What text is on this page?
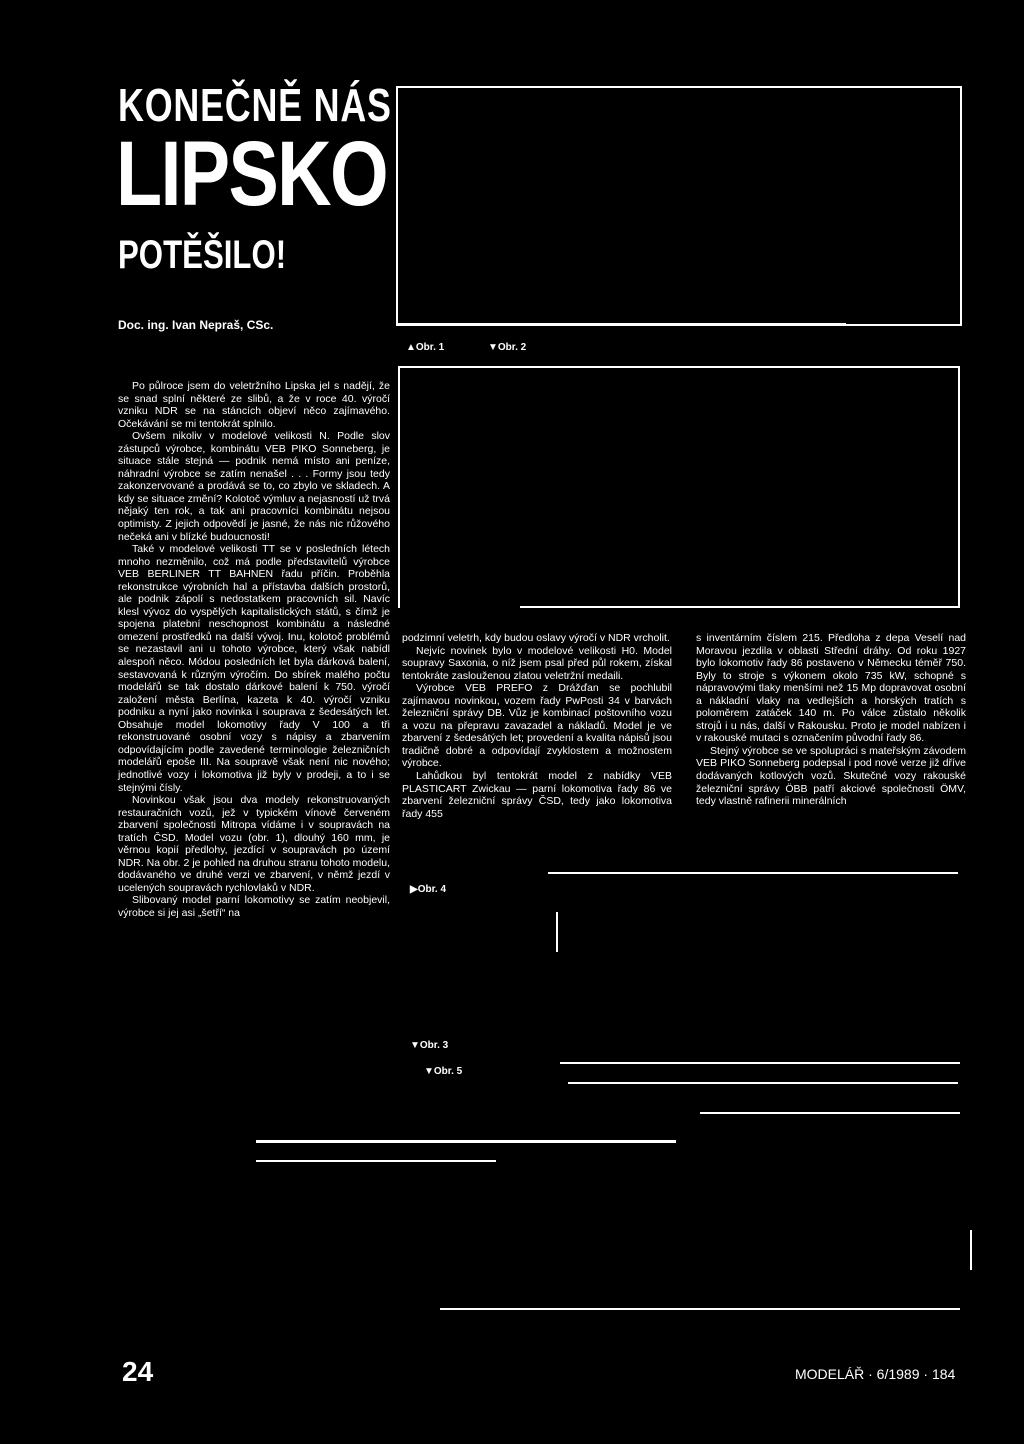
KONEČNĚ NÁS
LIPSKO
POTĚŠILO!
Doc. ing. Ivan Nepraš, CSc.
▲Obr. 1	▼Obr. 2

Po půlroce jsem do veletržního Lipska jel s nadějí, že se snad splní některé ze slibů, a že v roce 40. výročí vzniku NDR se na stáncích objeví něco zajímavého. Očekávání se mi tentokrát splnilo.

Ovšem nikoliv v modelové velikosti N. Podle slov zástupců výrobce, kombinátu VEB PIKO Sonneberg, je situace stále stejná — podnik nemá místo ani peníze, náhradní výrobce se zatím nenašel . . . Formy jsou tedy zakonzervované a prodává se to, co zbylo ve skladech. A kdy se situace změní? Kolotoč výmluv a nejasností už trvá nějaký ten rok, a tak ani pracovníci kombinátu nejsou optimisty. Z jejich odpovědí je jasné, že nás nic růžového nečeká ani v blízké budoucnosti!

Také v modelové velikosti TT se v posledních létech mnoho nezměnilo, což má podle představitelů výrobce VEB BERLINER TT BAHNEN řadu příčin. Proběhla rekonstrukce výrobních hal a přístavba dalších prostorů, ale podnik zápolí s nedostatkem pracovních sil. Navíc klesl vývoz do vyspělých kapitalistických států, s čímž je spojena platební neschopnost kombinátu a následné omezení prostředků na další vývoj. Inu, kolotoč problémů se nezastavil ani u tohoto výrobce, který však nabídl alespoň něco. Módou posledních let byla dárková balení, sestavovaná k různým výročím. Do sbírek malého počtu modelářů se tak dostalo dárkové balení k 750. výročí založení města Berlína, kazeta k 40. výročí vzniku podniku a nyní jako novinka i souprava z šedesátých let. Obsahuje model lokomotivy řady V 100 a tři rekonstruované osobní vozy s nápisy a zbarvením odpovídajícím podle zavedené terminologie železničních modelářů epoše III. Na soupravě však není nic nového; jednotlivé vozy i lokomotiva již byly v prodeji, a to i se stejnými čísly.

Novinkou však jsou dva modely rekonstruovaných restauračních vozů, jež v typickém vínově červeném zbarvení společnosti Mitropa vídáme i v soupravách na tratích ČSD. Model vozu (obr. 1), dlouhý 160 mm, je věrnou kopií předlohy, jezdící v soupravách po území NDR. Na obr. 2 je pohled na druhou stranu tohoto modelu, dodávaného ve druhé verzi ve zbarvení, v němž jezdí v ucelených soupravách rychlovlaků v NDR.

Slibovaný model parní lokomotivy se zatím neobjevil, výrobce si jej asi „šetří“ na

podzimní veletrh, kdy budou oslavy výročí v NDR vrcholit.

Nejvíc novinek bylo v modelové velikosti H0. Model soupravy Saxonia, o níž jsem psal před půl rokem, získal tentokráte zaslouženou zlatou veletržní medaili.

Výrobce VEB PREFO z Drážďan se pochlubil zajímavou novinkou, vozem řady PwPosti 34 v barvách železniční správy DB. Vůz je kombinací poštovního vozu a vozu na přepravu zavazadel a nákladů. Model je ve zbarvení z šedesátých let; provedení a kvalita nápisů jsou tradičně dobré a odpovídají zvyklostem a možnostem výrobce.

Lahůdkou byl tentokrát model z nabídky VEB PLASTICART Zwickau — parní lokomotiva řady 86 ve zbarvení železniční správy ČSD, tedy jako lokomotiva řady 455

s inventárním číslem 215. Předloha z depa Veselí nad Moravou jezdila v oblasti Střední dráhy. Od roku 1927 bylo lokomotiv řady 86 postaveno v Německu téměř 750. Byly to stroje s výkonem okolo 735 kW, schopné s nápravovými tlaky menšími než 15 Mp dopravovat osobní a nákladní vlaky na vedlejších a horských tratích s poloměrem zatáček 140 m. Po válce zůstalo několik strojů i u nás, další v Rakousku. Proto je model nabízen i v rakouské mutaci s označením původní řady 86.

Stejný výrobce se ve spolupráci s mateřským závodem VEB PIKO Sonneberg podepsal i pod nové verze již dříve dodávaných kotlových vozů. Skutečné vozy rakouské železniční správy ÖBB patří akciové společnosti ÖMV, tedy vlastně rafinerii minerálních

▶Obr. 4
▼Obr. 3
▼Obr. 5
24	MODELÁŘ · 6/1989 · 184
